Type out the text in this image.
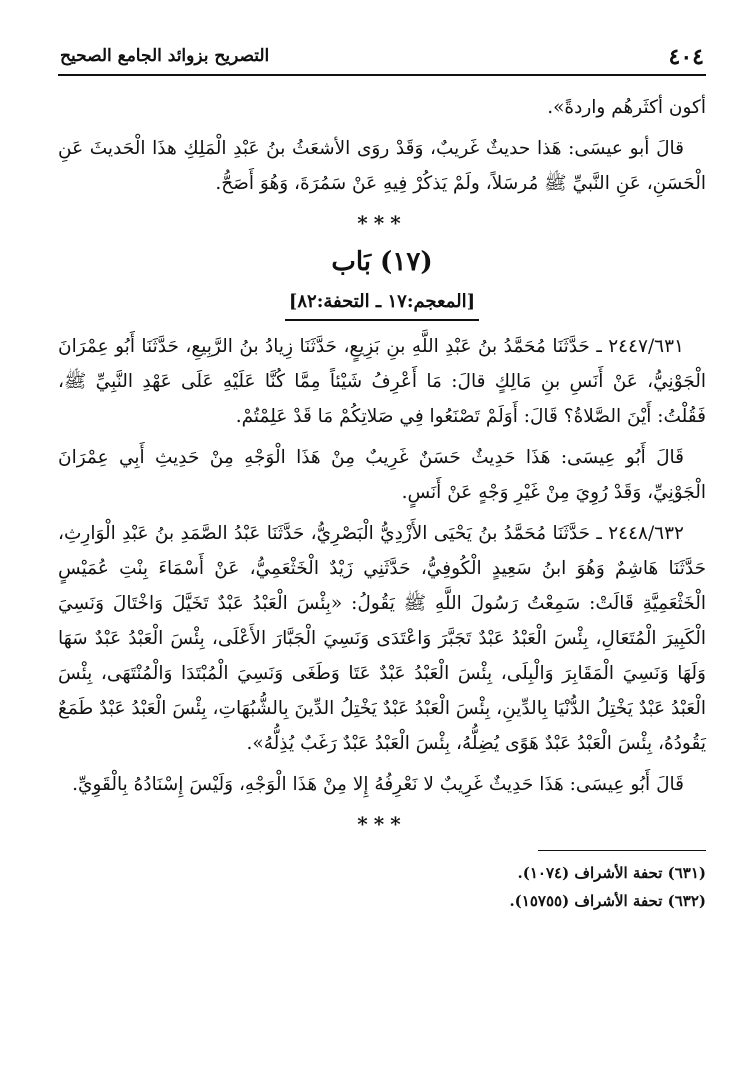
٤٠٤
التصريح بزوائد الجامع الصحيح

أكون أكثَرهُم واردةً».

قالَ أبو عيسَى: هَذا حديثٌ غَريبٌ، وَقَدْ روَى الأشعَثُ بنُ عَبْدِ الْمَلِكِ هذَا الْحَديثَ عَنِ الْحَسَنِ، عَنِ النَّبيِّ ﷺ مُرسَلاً، ولَمْ يَذكُرْ فِيهِ عَنْ سَمُرَةَ، وَهُوَ أَصَحُّ.

***
(١٧) بَاب
[المعجم:١٧ ـ التحفة:٨٢]

٢٤٤٧/٦٣١ ـ حَدَّثَنَا مُحَمَّدُ بنُ عَبْدِ اللَّهِ بنِ بَزِيعٍ، حَدَّثَنَا زِيادُ بنُ الرَّبِيعِ، حَدَّثَنَا أَبُو عِمْرَانَ الْجَوْنِيُّ، عَنْ أَنَسِ بنِ مَالِكٍ قالَ: مَا أَعْرِفُ شَيْئاً مِمَّا كُنَّا عَلَيْهِ عَلَى عَهْدِ النَّبِيِّ ﷺ، فَقُلْتُ: أَيْنَ الصَّلاةُ؟ قَالَ: أَوَلَمْ تَصْنَعُوا فِي صَلاتِكُمْ مَا قَدْ عَلِمْتُمْ.

قَالَ أَبُو عِيسَى: هَذَا حَدِيثٌ حَسَنٌ غَرِيبٌ مِنْ هَذَا الْوَجْهِ مِنْ حَدِيثِ أَبِي عِمْرَانَ الْجَوْنِيِّ، وَقَدْ رُوِيَ مِنْ غَيْرِ وَجْهٍ عَنْ أَنَسٍ.

٢٤٤٨/٦٣٢ ـ حَدَّثَنَا مُحَمَّدُ بنُ يَحْيَى الأَزْدِيُّ الْبَصْرِيُّ، حَدَّثَنَا عَبْدُ الصَّمَدِ بنُ عَبْدِ الْوَارِثِ، حَدَّثَنَا هَاشِمٌ وَهُوَ ابنُ سَعِيدٍ الْكُوفِيُّ، حَدَّثَنِي زَيْدٌ الْخَثْعَمِيُّ، عَنْ أَسْمَاءَ بِنْتِ عُمَيْسٍ الْخَثْعَمِيَّةِ قَالَتْ: سَمِعْتُ رَسُولَ اللَّهِ ﷺ يَقُولُ: «بِئْسَ الْعَبْدُ عَبْدٌ تَخَيَّلَ وَاخْتَالَ وَنَسِيَ الْكَبِيرَ الْمُتَعَالِ، بِئْسَ الْعَبْدُ عَبْدٌ تَجَبَّرَ وَاعْتَدَى وَنَسِيَ الْجَبَّارَ الأَعْلَى، بِئْسَ الْعَبْدُ عَبْدٌ سَهَا وَلَهَا وَنَسِيَ الْمَقَابِرَ وَالْبِلَى، بِئْسَ الْعَبْدُ عَبْدٌ عَتَا وَطَغَى وَنَسِيَ الْمُبْتَدَا وَالْمُنْتَهَى، بِئْسَ الْعَبْدُ عَبْدٌ يَخْتِلُ الدُّنْيَا بِالدِّينِ، بِئْسَ الْعَبْدُ عَبْدٌ يَخْتِلُ الدِّينَ بِالشُّبُهَاتِ، بِئْسَ الْعَبْدُ عَبْدٌ طَمَعٌ يَقُودُهُ، بِئْسَ الْعَبْدُ عَبْدٌ هَوًى يُضِلُّهُ، بِئْسَ الْعَبْدُ عَبْدٌ رَغَبٌ يُذِلُّهُ».

قَالَ أَبُو عِيسَى: هَذَا حَدِيثٌ غَرِيبٌ لا نَعْرِفُهُ إِلا مِنْ هَذَا الْوَجْهِ، وَلَيْسَ إِسْنَادُهُ بِالْقَوِيِّ.

***

(٦٣١) تحفة الأشراف (١٠٧٤).

(٦٣٢) تحفة الأشراف (١٥٧٥٥).
